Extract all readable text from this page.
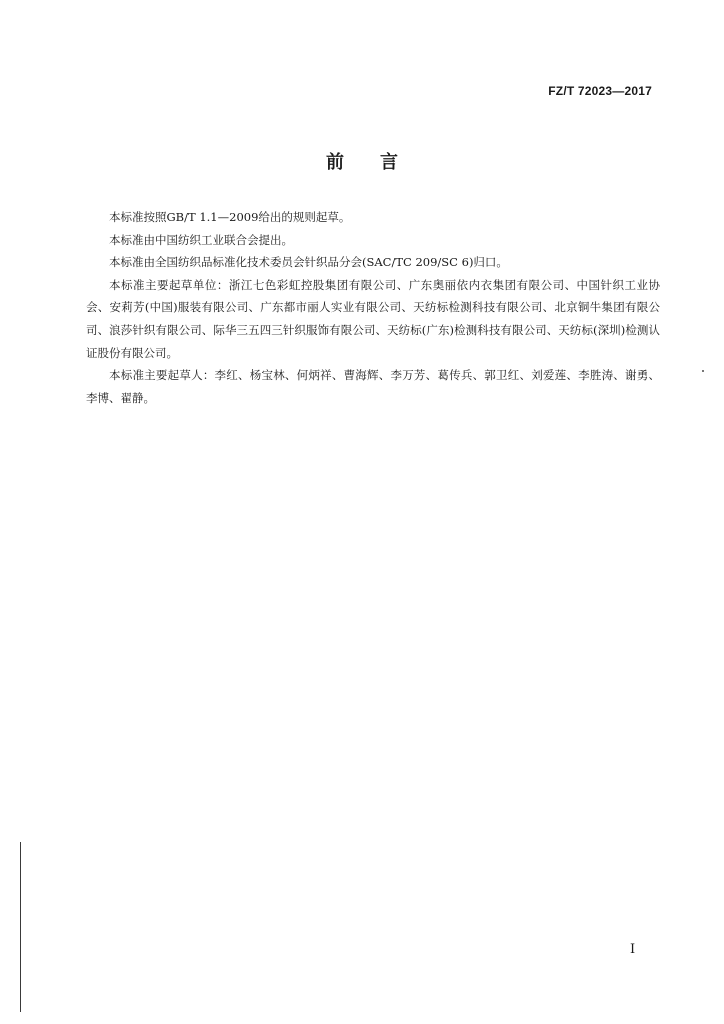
FZ/T 72023—2017
前言

本标准按照GB/T 1.1—2009给出的规则起草。

本标准由中国纺织工业联合会提出。

本标准由全国纺织品标准化技术委员会针织品分会(SAC/TC 209/SC 6)归口。

本标准主要起草单位：浙江七色彩虹控股集团有限公司、广东奥丽依内衣集团有限公司、中国针织工业协会、安莉芳(中国)服装有限公司、广东都市丽人实业有限公司、天纺标检测科技有限公司、北京铜牛集团有限公司、浪莎针织有限公司、际华三五四三针织服饰有限公司、天纺标(广东)检测科技有限公司、天纺标(深圳)检测认证股份有限公司。

本标准主要起草人：李红、杨宝林、何炳祥、曹海辉、李万芳、葛传兵、郭卫红、刘爱莲、李胜涛、谢勇、李博、翟静。

I
